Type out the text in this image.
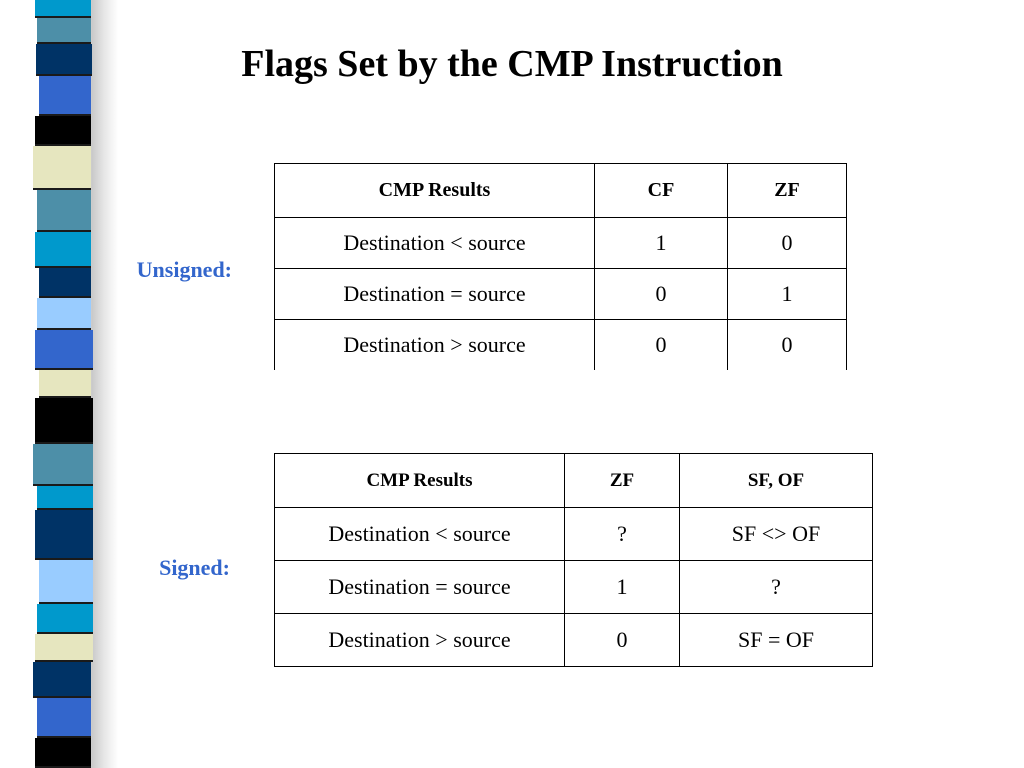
Flags Set by the CMP Instruction
Unsigned:
CMP Results	CF	ZF
Destination < source	1	0
Destination = source	0	1
Destination > source	0	0
Signed:
CMP Results	ZF	SF, OF
Destination < source	?	SF <> OF
Destination = source	1	?
Destination > source	0	SF = OF
